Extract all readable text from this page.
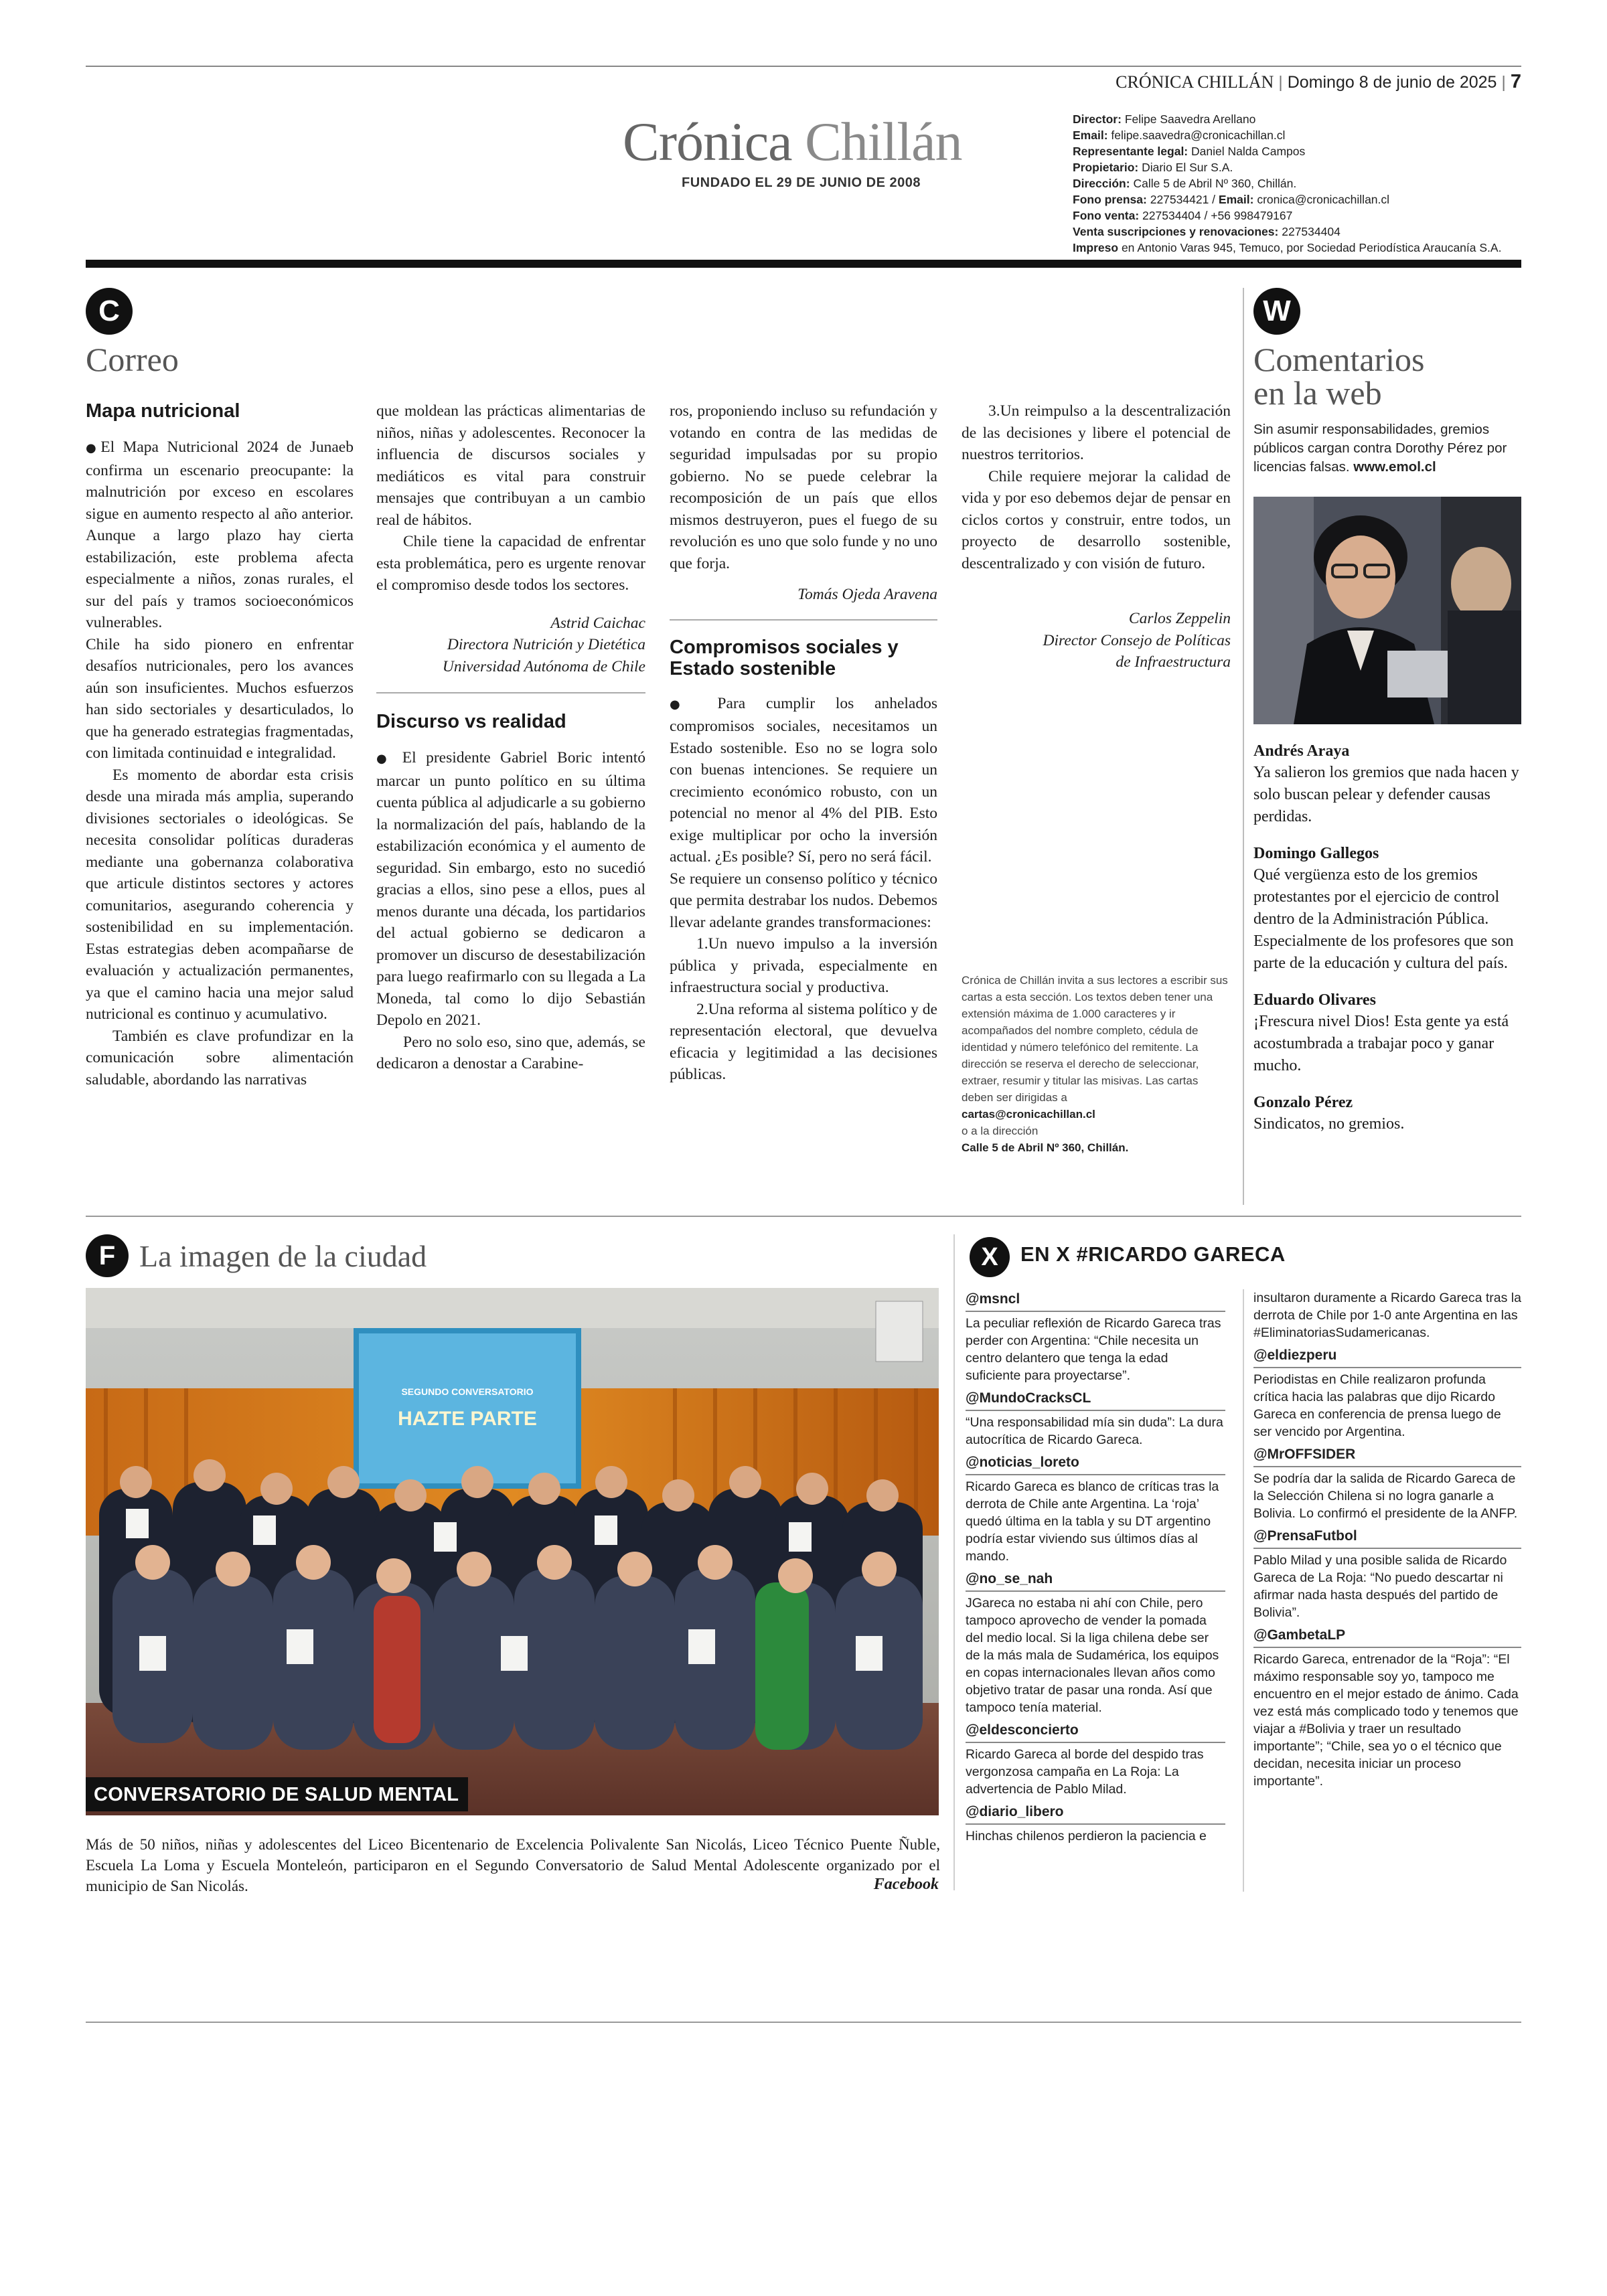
CRÓNICA CHILLÁN | Domingo 8 de junio de 2025 | 7
Crónica Chillán
FUNDADO EL 29 DE JUNIO DE 2008
Director: Felipe Saavedra Arellano
Email: felipe.saavedra@cronicachillan.cl
Representante legal: Daniel Nalda Campos
Propietario: Diario El Sur S.A.
Dirección: Calle 5 de Abril Nº 360, Chillán.
Fono prensa: 227534421 / Email: cronica@cronicachillan.cl
Fono venta: 227534404 / +56 998479167
Venta suscripciones y renovaciones: 227534404
Impreso en Antonio Varas 945, Temuco, por Sociedad Periodística Araucanía S.A.
C
Correo
Mapa nutricional

●El Mapa Nutricional 2024 de Junaeb confirma un escenario preocupante: la malnutrición por exceso en escolares sigue en aumento respecto al año anterior. Aunque a largo plazo hay cierta estabilización, este problema afecta especialmente a niños, zonas rurales, el sur del país y tramos socioeconómicos vulnerables.

Chile ha sido pionero en enfrentar desafíos nutricionales, pero los avances aún son insuficientes. Muchos esfuerzos han sido sectoriales y desarticulados, lo que ha generado estrategias fragmentadas, con limitada continuidad e integralidad.

Es momento de abordar esta crisis desde una mirada más amplia, superando divisiones sectoriales o ideológicas. Se necesita consolidar políticas duraderas mediante una gobernanza colaborativa que articule distintos sectores y actores comunitarios, asegurando coherencia y sostenibilidad en su implementación. Estas estrategias deben acompañarse de evaluación y actualización permanentes, ya que el camino hacia una mejor salud nutricional es continuo y acumulativo.

También es clave profundizar en la comunicación sobre alimentación saludable, abordando las narrativas

que moldean las prácticas alimentarias de niños, niñas y adolescentes. Reconocer la influencia de discursos sociales y mediáticos es vital para construir mensajes que contribuyan a un cambio real de hábitos.

Chile tiene la capacidad de enfrentar esta problemática, pero es urgente renovar el compromiso desde todos los sectores.

Astrid Caichac

Directora Nutrición y Dietética

Universidad Autónoma de Chile

Discurso vs realidad

● El presidente Gabriel Boric intentó marcar un punto político en su última cuenta pública al adjudicarle a su gobierno la normalización del país, hablando de la estabilización económica y el aumento de seguridad. Sin embargo, esto no sucedió gracias a ellos, sino pese a ellos, pues al menos durante una década, los partidarios del actual gobierno se dedicaron a promover un discurso de desestabilización para luego reafirmarlo con su llegada a La Moneda, tal como lo dijo Sebastián Depolo en 2021.

Pero no solo eso, sino que, además, se dedicaron a denostar a Carabine-

ros, proponiendo incluso su refundación y votando en contra de las medidas de seguridad impulsadas por su propio gobierno. No se puede celebrar la recomposición de un país que ellos mismos destruyeron, pues el fuego de su revolución es uno que solo funde y no uno que forja.

Tomás Ojeda Aravena

Compromisos sociales y
Estado sostenible

● Para cumplir los anhelados compromisos sociales, necesitamos un Estado sostenible. Eso no se logra solo con buenas intenciones. Se requiere un crecimiento económico robusto, con un potencial no menor al 4% del PIB. Esto exige multiplicar por ocho la inversión actual. ¿Es posible? Sí, pero no será fácil.

Se requiere un consenso político y técnico que permita destrabar los nudos. Debemos llevar adelante grandes transformaciones:

1.Un nuevo impulso a la inversión pública y privada, especialmente en infraestructura social y productiva.

2.Una reforma al sistema político y de representación electoral, que devuelva eficacia y legitimidad a las decisiones públicas.

3.Un reimpulso a la descentralización de las decisiones y libere el potencial de nuestros territorios.

Chile requiere mejorar la calidad de vida y por eso debemos dejar de pensar en ciclos cortos y construir, entre todos, un proyecto de desarrollo sostenible, descentralizado y con visión de futuro.

Carlos Zeppelin

Director Consejo de Políticas

de Infraestructura

Crónica de Chillán invita a sus lectores a escribir sus cartas a esta sección. Los textos deben tener una extensión máxima de 1.000 caracteres y ir acompañados del nombre completo, cédula de identidad y número telefónico del remitente. La dirección se reserva el derecho de seleccionar, extraer, resumir y titular las misivas. Las cartas deben ser dirigidas a
cartas@cronicachillan.cl
o a la dirección
Calle 5 de Abril Nº 360, Chillán.
W
Comentarios
en la web
Sin asumir responsabilidades, gremios públicos cargan contra Dorothy Pérez por licencias falsas. www.emol.cl
Andrés Araya
Ya salieron los gremios que nada hacen y solo buscan pelear y defender causas perdidas.
Domingo Gallegos
Qué vergüenza esto de los gremios protestantes por el ejercicio de control dentro de la Administración Pública. Especialmente de los profesores que son parte de la educación y cultura del país.
Eduardo Olivares
¡Frescura nivel Dios! Esta gente ya está acostumbrada a trabajar poco y ganar mucho.
Gonzalo Pérez
Sindicatos, no gremios.
F La imagen de la ciudad
SEGUNDO CONVERSATORIO
HAZTE PARTE
CONVERSATORIO DE SALUD MENTAL
Más de 50 niños, niñas y adolescentes del Liceo Bicentenario de Excelencia Polivalente San Nicolás, Liceo Técnico Puente Ñuble, Escuela La Loma y Escuela Monteleón, participaron en el Segundo Conversatorio de Salud Mental Adolescente organizado por el municipio de San Nicolás.	Facebook
X	EN X #RICARDO GARECA
@msncl
La peculiar reflexión de Ricardo Gareca tras perder con Argentina: “Chile necesita un centro delantero que tenga la edad suficiente para proyectarse”.
@MundoCracksCL
“Una responsabilidad mía sin duda”: La dura autocrítica de Ricardo Gareca.
@noticias_loreto
Ricardo Gareca es blanco de críticas tras la derrota de Chile ante Argentina. La ‘roja’ quedó última en la tabla y su DT argentino podría estar viviendo sus últimos días al mando.
@no_se_nah
JGareca no estaba ni ahí con Chile, pero tampoco aprovecho de vender la pomada del medio local. Si la liga chilena debe ser de la más mala de Sudamérica, los equipos en copas internacionales llevan años como objetivo tratar de pasar una ronda. Así que tampoco tenía material.
@eldesconcierto
Ricardo Gareca al borde del despido tras vergonzosa campaña en La Roja: La advertencia de Pablo Milad.
@diario_libero
Hinchas chilenos perdieron la paciencia e
insultaron duramente a Ricardo Gareca tras la derrota de Chile por 1-0 ante Argentina en las #EliminatoriasSudamericanas.
@eldiezperu
Periodistas en Chile realizaron profunda crítica hacia las palabras que dijo Ricardo Gareca en conferencia de prensa luego de ser vencido por Argentina.
@MrOFFSIDER
Se podría dar la salida de Ricardo Gareca de la Selección Chilena si no logra ganarle a Bolivia. Lo confirmó el presidente de la ANFP.
@PrensaFutbol
Pablo Milad y una posible salida de Ricardo Gareca de La Roja: “No puedo descartar ni afirmar nada hasta después del partido de Bolivia”.
@GambetaLP
Ricardo Gareca, entrenador de la “Roja”: “El máximo responsable soy yo, tampoco me encuentro en el mejor estado de ánimo. Cada vez está más complicado todo y tenemos que viajar a #Bolivia y traer un resultado importante”; “Chile, sea yo o el técnico que decidan, necesita iniciar un proceso importante”.
